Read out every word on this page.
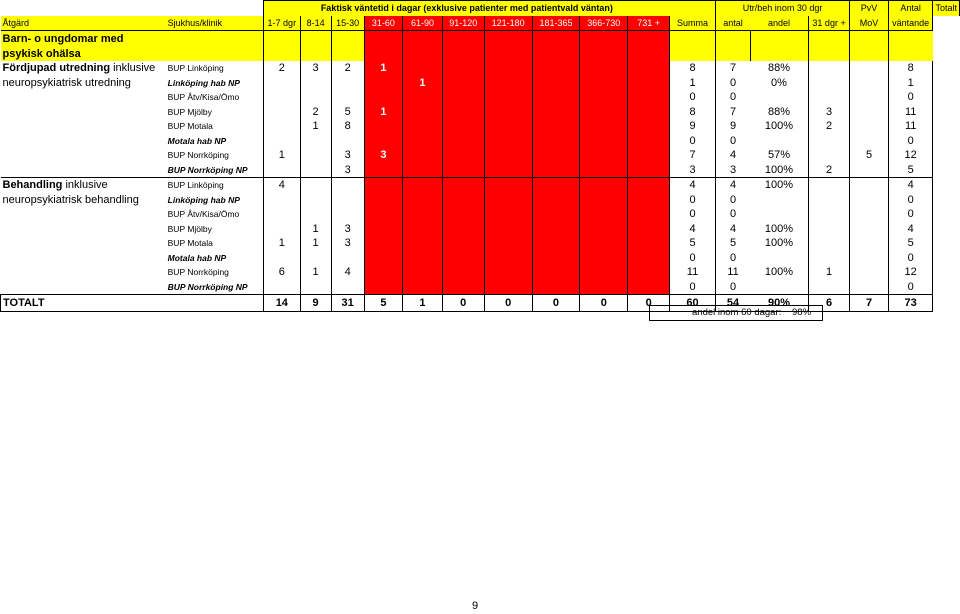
		Faktisk väntetid i dagar (exklusive patienter med patientvald väntan)											Utr/beh inom 30 dgr			PvV	Antal	Totalt
Åtgärd	Sjukhus/klinik	1-7 dgr	8-14	15-30	31-60	61-90	91-120	121-180	181-365	366-730	731 +	Summa	antal	andel	31 dgr +	MoV	väntande	
Barn- o ungdomar med																		
psykisk ohälsa																		
Fördjupad utredning inklusive	BUP Linköping	2	3	2	1							8	7	88%			8	
neuropsykiatrisk utredning	Linköping hab NP					1						1	0	0%			1	
	BUP Åtv/Kisa/Ömo											0	0				0	
	BUP Mjölby		2	5	1							8	7	88%	3		11	
	BUP Motala		1	8								9	9	100%	2		11	
	Motala hab NP											0	0				0	
	BUP Norrköping	1		3	3							7	4	57%		5	12	
	BUP Norrköping NP			3								3	3	100%	2		5	
Behandling inklusive	BUP Linköping	4										4	4	100%			4	
neuropsykiatrisk behandling	Linköping hab NP											0	0				0	
	BUP Åtv/Kisa/Ömo											0	0				0	
	BUP Mjölby		1	3								4	4	100%			4	
	BUP Motala	1	1	3								5	5	100%			5	
	Motala hab NP											0	0				0	
	BUP Norrköping	6	1	4								11	11	100%	1		12	
	BUP Norrköping NP											0	0				0	
TOTALT		14	9	31	5	1	0	0	0	0	0	60	54	90%	6	7	73	
andel inom 60 dagar: 98%
9
